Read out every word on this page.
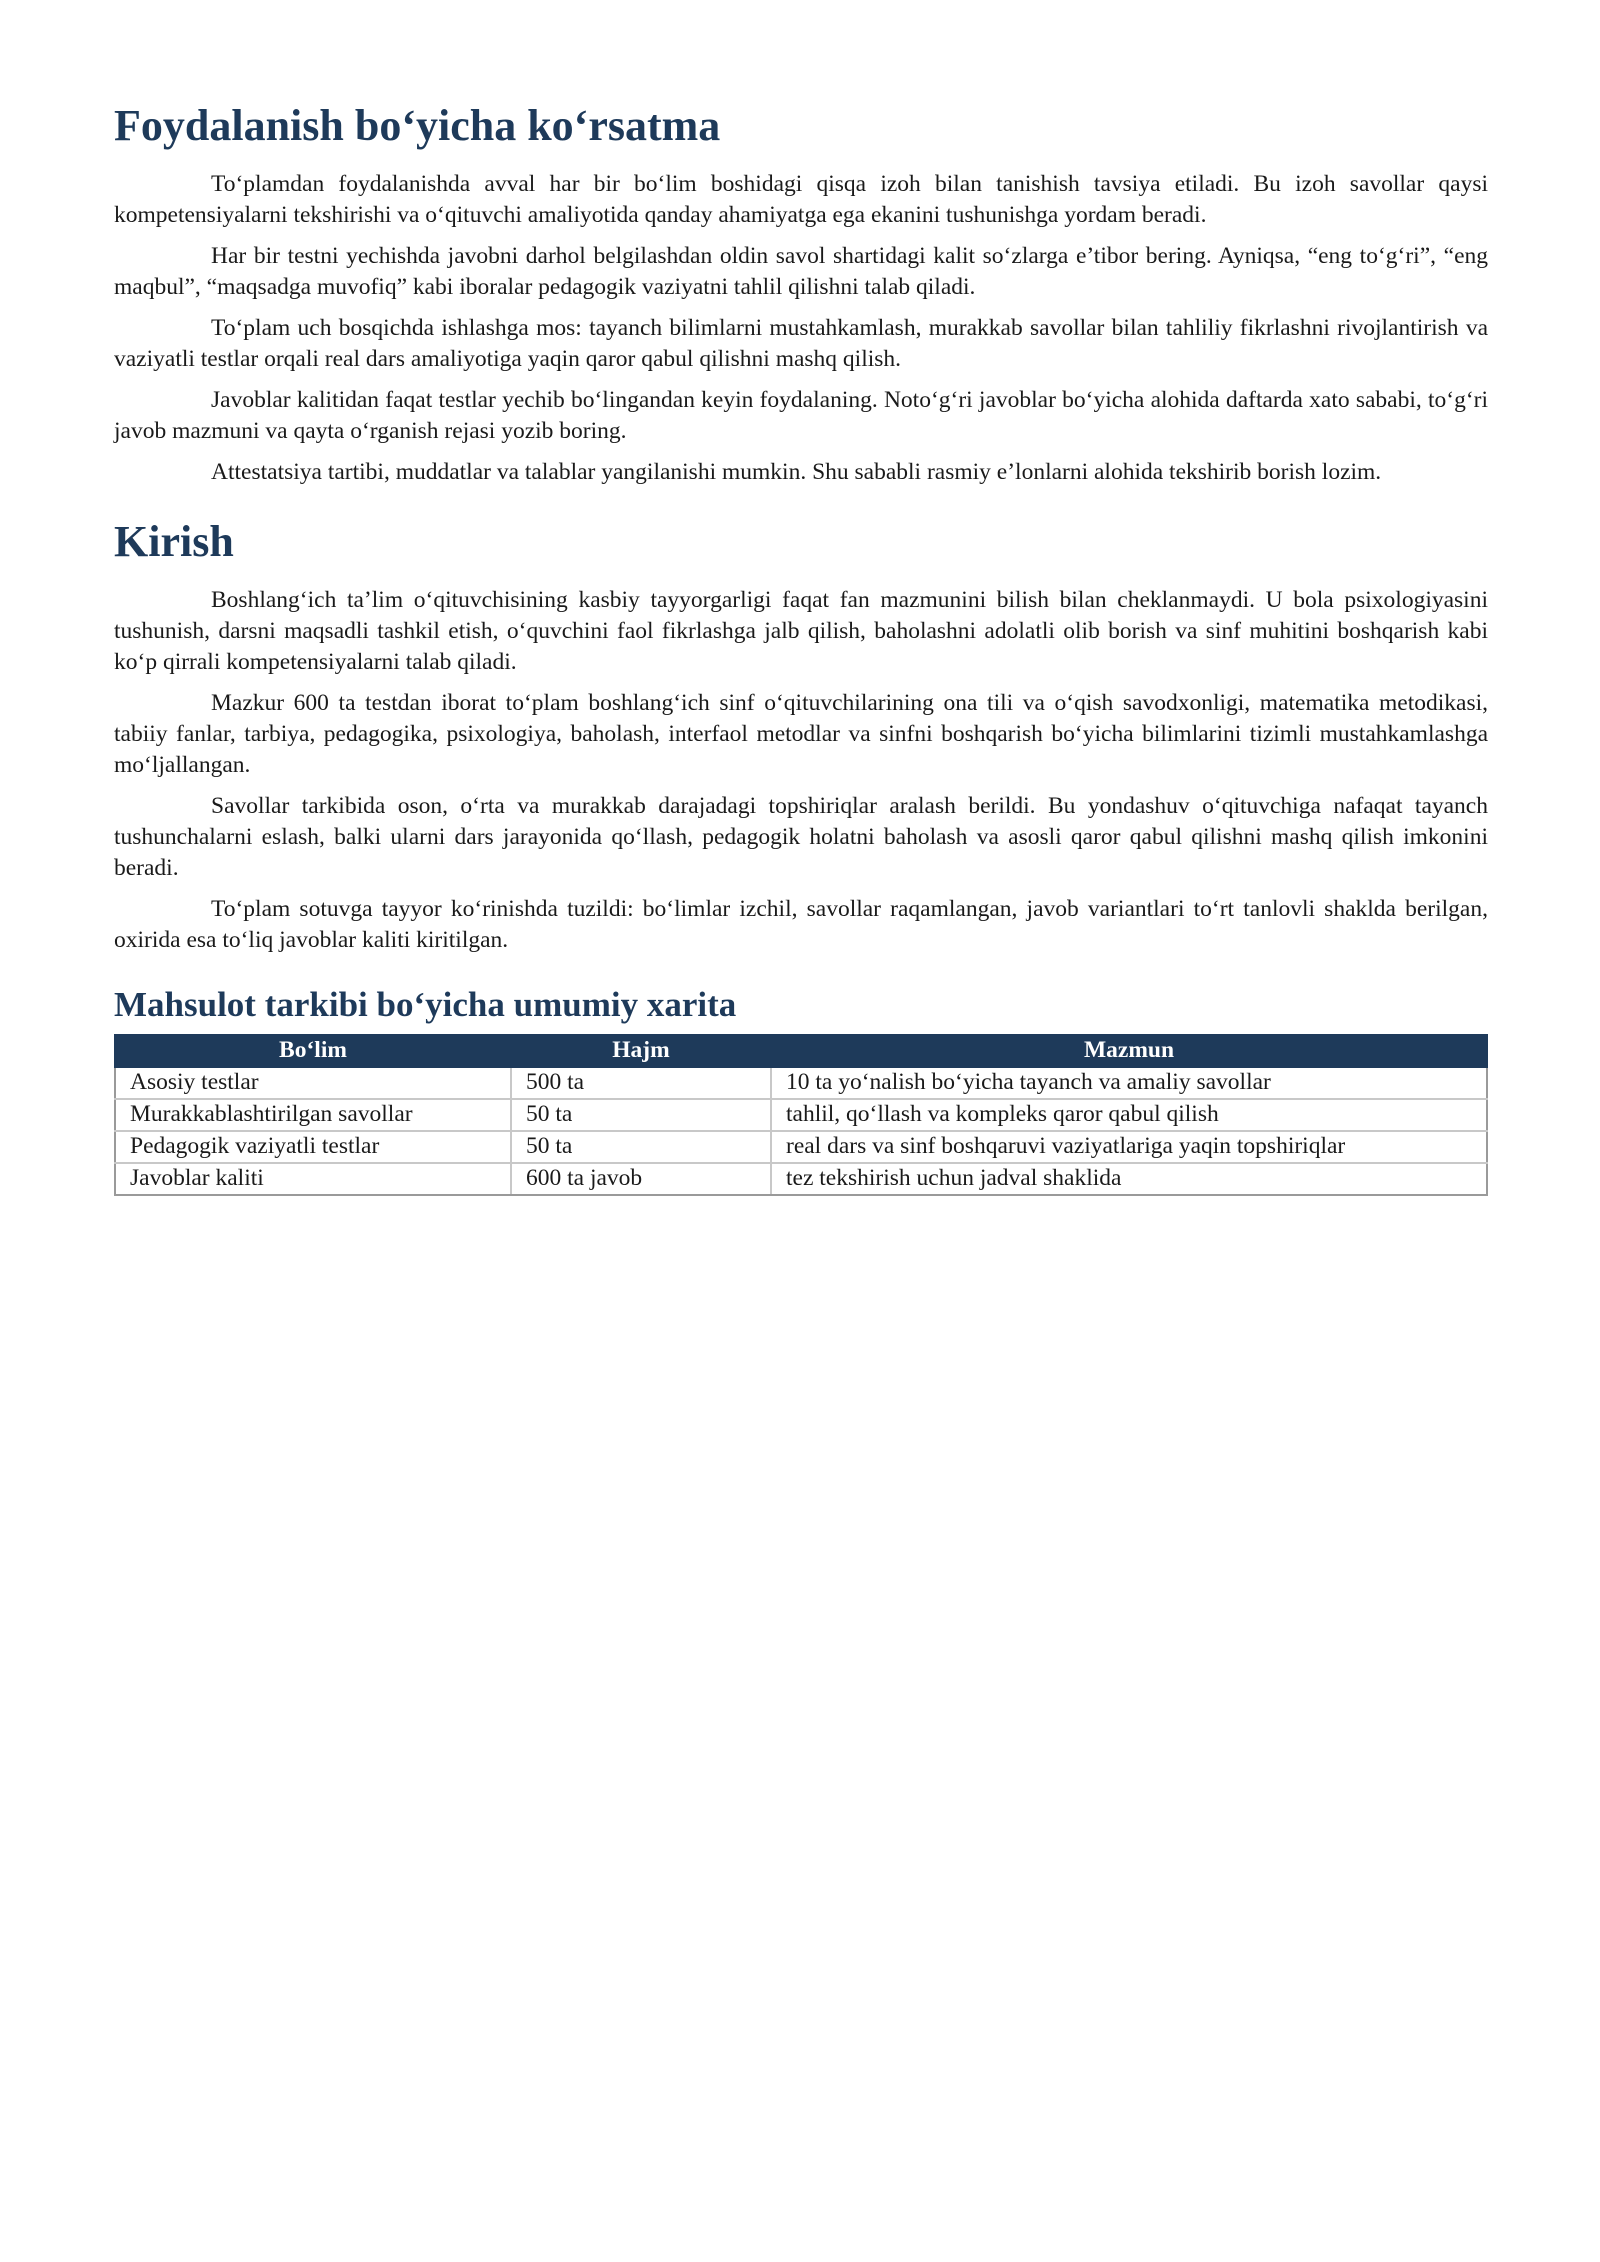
Foydalanish bo‘yicha ko‘rsatma

To‘plamdan foydalanishda avval har bir bo‘lim boshidagi qisqa izoh bilan tanishish tavsiya etiladi. Bu izoh savollar qaysi kompetensiyalarni tekshirishi va o‘qituvchi amaliyotida qanday ahamiyatga ega ekanini tushunishga yordam beradi.

Har bir testni yechishda javobni darhol belgilashdan oldin savol shartidagi kalit so‘zlarga e’tibor bering. Ayniqsa, “eng to‘g‘ri”, “eng maqbul”, “maqsadga muvofiq” kabi iboralar pedagogik vaziyatni tahlil qilishni talab qiladi.

To‘plam uch bosqichda ishlashga mos: tayanch bilimlarni mustahkamlash, murakkab savollar bilan tahliliy fikrlashni rivojlantirish va vaziyatli testlar orqali real dars amaliyotiga yaqin qaror qabul qilishni mashq qilish.

Javoblar kalitidan faqat testlar yechib bo‘lingandan keyin foydalaning. Noto‘g‘ri javoblar bo‘yicha alohida daftarda xato sababi, to‘g‘ri javob mazmuni va qayta o‘rganish rejasi yozib boring.

Attestatsiya tartibi, muddatlar va talablar yangilanishi mumkin. Shu sababli rasmiy e’lonlarni alohida tekshirib borish lozim.

Kirish

Boshlang‘ich ta’lim o‘qituvchisining kasbiy tayyorgarligi faqat fan mazmunini bilish bilan cheklanmaydi. U bola psixologiyasini tushunish, darsni maqsadli tashkil etish, o‘quvchini faol fikrlashga jalb qilish, baholashni adolatli olib borish va sinf muhitini boshqarish kabi ko‘p qirrali kompetensiyalarni talab qiladi.

Mazkur 600 ta testdan iborat to‘plam boshlang‘ich sinf o‘qituvchilarining ona tili va o‘qish savodxonligi, matematika metodikasi, tabiiy fanlar, tarbiya, pedagogika, psixologiya, baholash, interfaol metodlar va sinfni boshqarish bo‘yicha bilimlarini tizimli mustahkamlashga mo‘ljallangan.

Savollar tarkibida oson, o‘rta va murakkab darajadagi topshiriqlar aralash berildi. Bu yondashuv o‘qituvchiga nafaqat tayanch tushunchalarni eslash, balki ularni dars jarayonida qo‘llash, pedagogik holatni baholash va asosli qaror qabul qilishni mashq qilish imkonini beradi.

To‘plam sotuvga tayyor ko‘rinishda tuzildi: bo‘limlar izchil, savollar raqamlangan, javob variantlari to‘rt tanlovli shaklda berilgan, oxirida esa to‘liq javoblar kaliti kiritilgan.

Mahsulot tarkibi bo‘yicha umumiy xarita
Bo‘lim	Hajm	Mazmun
Asosiy testlar	500 ta	10 ta yo‘nalish bo‘yicha tayanch va amaliy savollar
Murakkablashtirilgan savollar	50 ta	tahlil, qo‘llash va kompleks qaror qabul qilish
Pedagogik vaziyatli testlar	50 ta	real dars va sinf boshqaruvi vaziyatlariga yaqin topshiriqlar
Javoblar kaliti	600 ta javob	tez tekshirish uchun jadval shaklida
